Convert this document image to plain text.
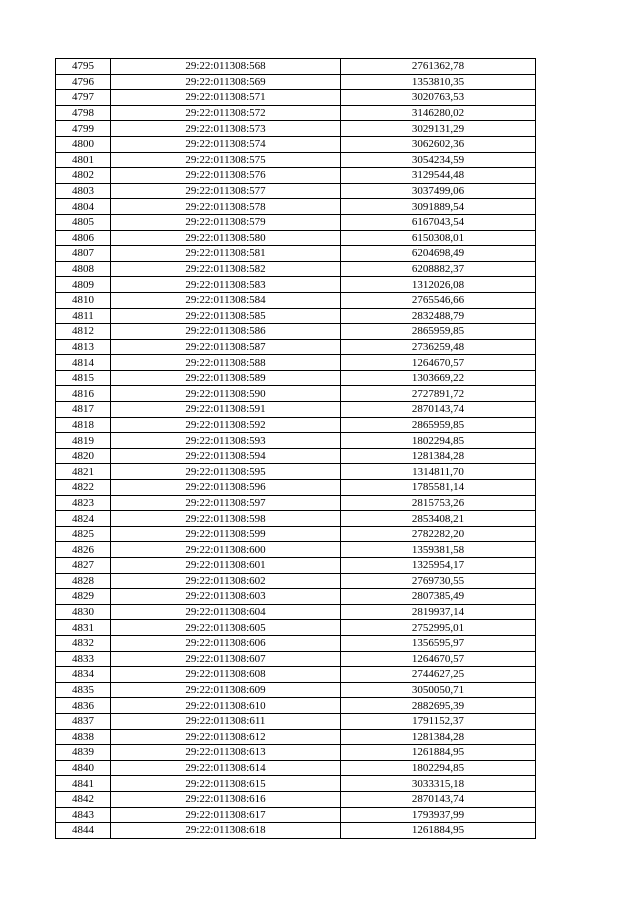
4795	29:22:011308:568	2761362,78
4796	29:22:011308:569	1353810,35
4797	29:22:011308:571	3020763,53
4798	29:22:011308:572	3146280,02
4799	29:22:011308:573	3029131,29
4800	29:22:011308:574	3062602,36
4801	29:22:011308:575	3054234,59
4802	29:22:011308:576	3129544,48
4803	29:22:011308:577	3037499,06
4804	29:22:011308:578	3091889,54
4805	29:22:011308:579	6167043,54
4806	29:22:011308:580	6150308,01
4807	29:22:011308:581	6204698,49
4808	29:22:011308:582	6208882,37
4809	29:22:011308:583	1312026,08
4810	29:22:011308:584	2765546,66
4811	29:22:011308:585	2832488,79
4812	29:22:011308:586	2865959,85
4813	29:22:011308:587	2736259,48
4814	29:22:011308:588	1264670,57
4815	29:22:011308:589	1303669,22
4816	29:22:011308:590	2727891,72
4817	29:22:011308:591	2870143,74
4818	29:22:011308:592	2865959,85
4819	29:22:011308:593	1802294,85
4820	29:22:011308:594	1281384,28
4821	29:22:011308:595	1314811,70
4822	29:22:011308:596	1785581,14
4823	29:22:011308:597	2815753,26
4824	29:22:011308:598	2853408,21
4825	29:22:011308:599	2782282,20
4826	29:22:011308:600	1359381,58
4827	29:22:011308:601	1325954,17
4828	29:22:011308:602	2769730,55
4829	29:22:011308:603	2807385,49
4830	29:22:011308:604	2819937,14
4831	29:22:011308:605	2752995,01
4832	29:22:011308:606	1356595,97
4833	29:22:011308:607	1264670,57
4834	29:22:011308:608	2744627,25
4835	29:22:011308:609	3050050,71
4836	29:22:011308:610	2882695,39
4837	29:22:011308:611	1791152,37
4838	29:22:011308:612	1281384,28
4839	29:22:011308:613	1261884,95
4840	29:22:011308:614	1802294,85
4841	29:22:011308:615	3033315,18
4842	29:22:011308:616	2870143,74
4843	29:22:011308:617	1793937,99
4844	29:22:011308:618	1261884,95
